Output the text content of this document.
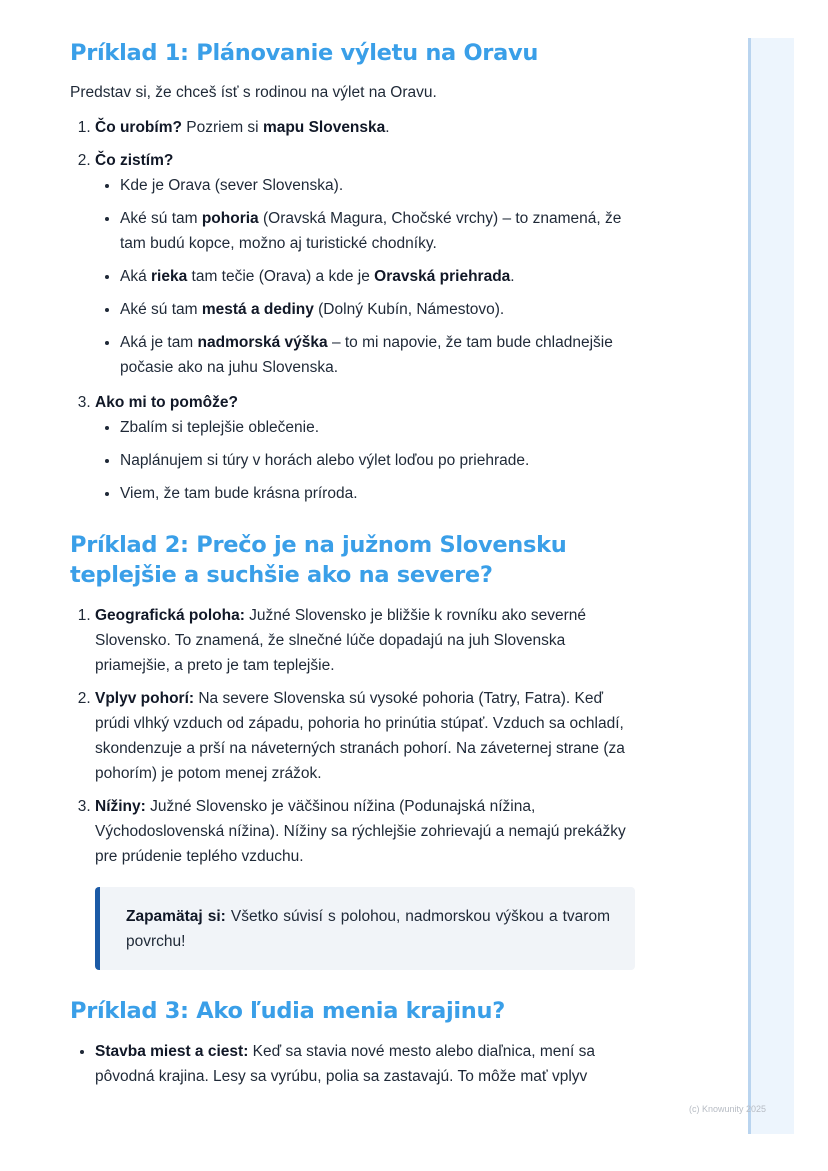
Príklad 1: Plánovanie výletu na Oravu

Predstav si, že chceš ísť s rodinou na výlet na Oravu.

1. Čo urobím? Pozriem si mapu Slovenska.
2. Čo zistím?
• Kde je Orava (sever Slovenska).
• Aké sú tam pohoria (Oravská Magura, Chočské vrchy) – to znamená, že tam budú kopce, možno aj turistické chodníky.
• Aká rieka tam tečie (Orava) a kde je Oravská priehrada.
• Aké sú tam mestá a dediny (Dolný Kubín, Námestovo).
• Aká je tam nadmorská výška – to mi napovie, že tam bude chladnejšie počasie ako na juhu Slovenska.
3. Ako mi to pomôže?
• Zbalím si teplejšie oblečenie.
• Naplánujem si túry v horách alebo výlet loďou po priehrade.
• Viem, že tam bude krásna príroda.
Príklad 2: Prečo je na južnom Slovensku teplejšie a suchšie ako na severe?
1. Geografická poloha: Južné Slovensko je bližšie k rovníku ako severné Slovensko. To znamená, že slnečné lúče dopadajú na juh Slovenska priamejšie, a preto je tam teplejšie.
2. Vplyv pohorí: Na severe Slovenska sú vysoké pohoria (Tatry, Fatra). Keď prúdi vlhký vzduch od západu, pohoria ho prinútia stúpať. Vzduch sa ochladí, skondenzuje a prší na náveterných stranách pohorí. Na záveternej strane (za pohorím) je potom menej zrážok.
3. Nížiny: Južné Slovensko je väčšinou nížina (Podunajská nížina, Východoslovenská nížina). Nížiny sa rýchlejšie zohrievajú a nemajú prekážky pre prúdenie teplého vzduchu.
Zapamätaj si: Všetko súvisí s polohou, nadmorskou výškou a tvarom povrchu!
Príklad 3: Ako ľudia menia krajinu?
• Stavba miest a ciest: Keď sa stavia nové mesto alebo diaľnica, mení sa pôvodná krajina. Lesy sa vyrúbu, polia sa zastavajú. To môže mať vplyv
(c) Knowunity 2025
